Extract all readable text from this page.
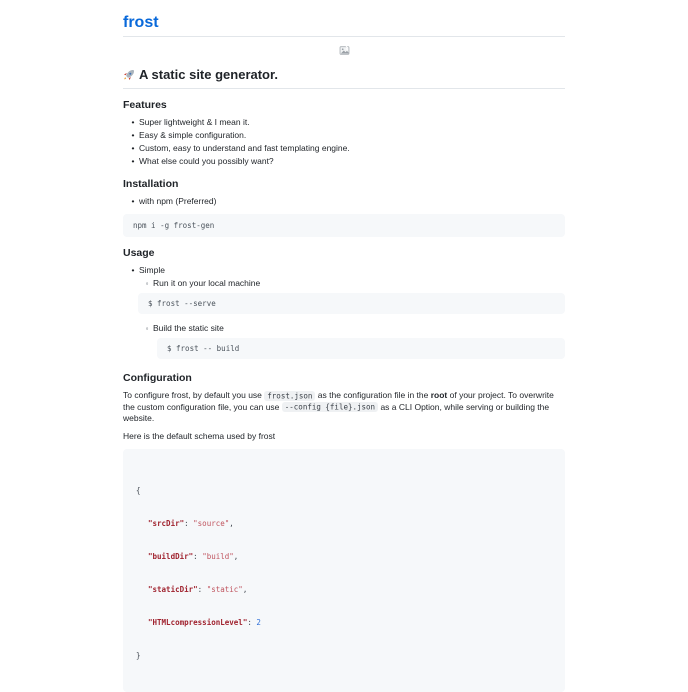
frost
A static site generator.
Features
•
Super lightweight & I mean it.
•
Easy & simple configuration.
•
Custom, easy to understand and fast templating engine.
•
What else could you possibly want?
Installation
•
with npm (Preferred)
npm i -g frost-gen
Usage
•
Simple
◦
Run it on your local machine
$ frost --serve
◦
Build the static site
$ frost -- build
Configuration

To configure frost, by default you use frost.json as the configuration file in the root of your project. To overwrite the custom configuration file, you can use --config {file}.json as a CLI Option, while serving or building the website.

Here is the default schema used by frost

{

"srcDir": "source",

"buildDir": "build",

"staticDir": "static",

"HTMLcompressionLevel": 2

}
